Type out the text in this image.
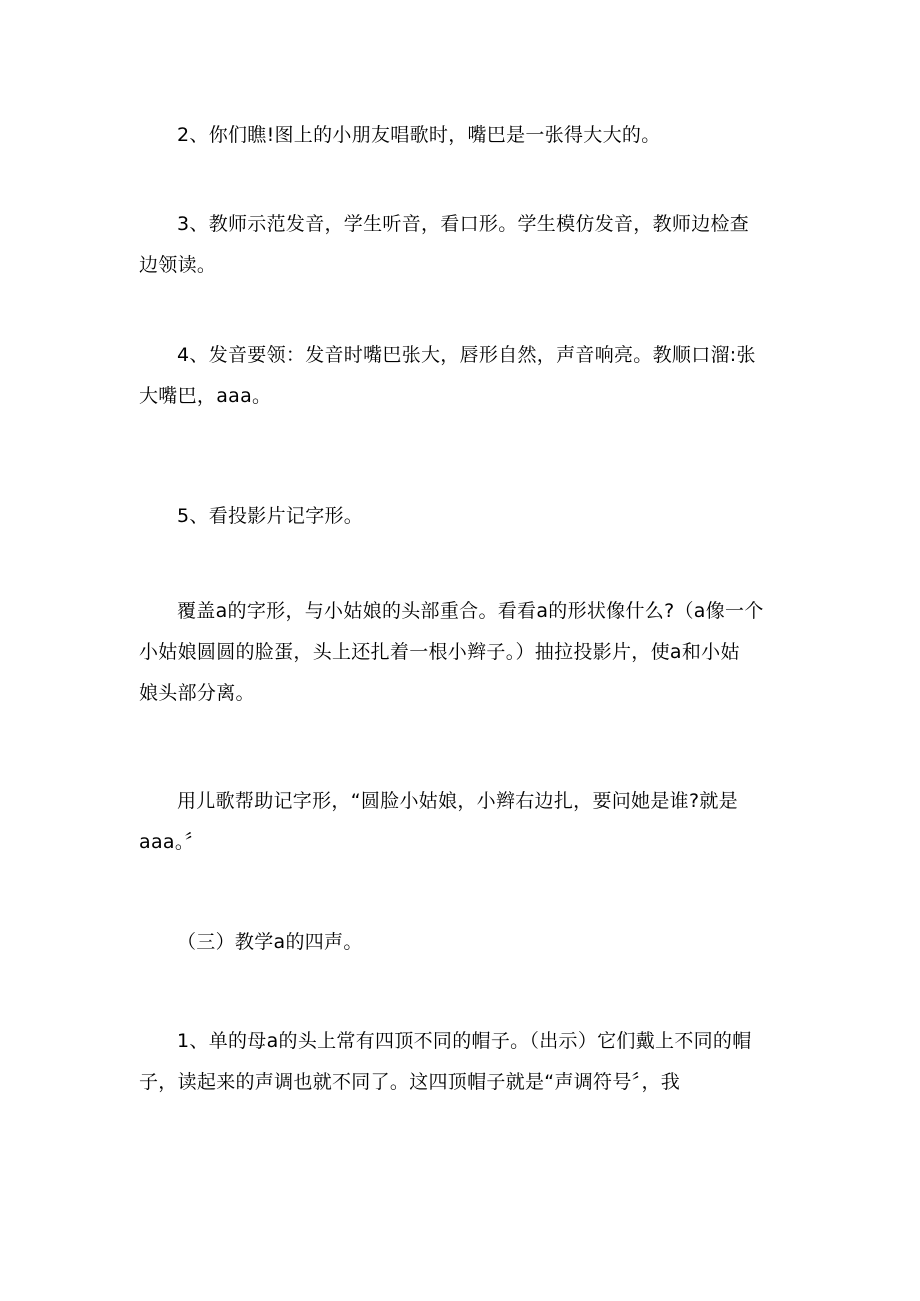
2、你们瞧!图上的小朋友唱歌时，嘴巴是一张得大大的。

3、教师示范发音，学生听音，看口形。学生模仿发音，教师边检查
边领读。

4、发音要领：发音时嘴巴张大，唇形自然，声音响亮。教顺口溜:张
大嘴巴，aaa。

5、看投影片记字形。

覆盖a的字形，与小姑娘的头部重合。看看a的形状像什么?（a像一个
小姑娘圆圆的脸蛋，头上还扎着一根小辫子。）抽拉投影片，使a和小姑
娘头部分离。

用儿歌帮助记字形，“圆脸小姑娘，小辫右边扎，要问她是谁?就是
aaa。〞

（三）教学a的四声。

1、单的母a的头上常有四顶不同的帽子。（出示）它们戴上不同的帽
子，读起来的声调也就不同了。这四顶帽子就是“声调符号〞，我
